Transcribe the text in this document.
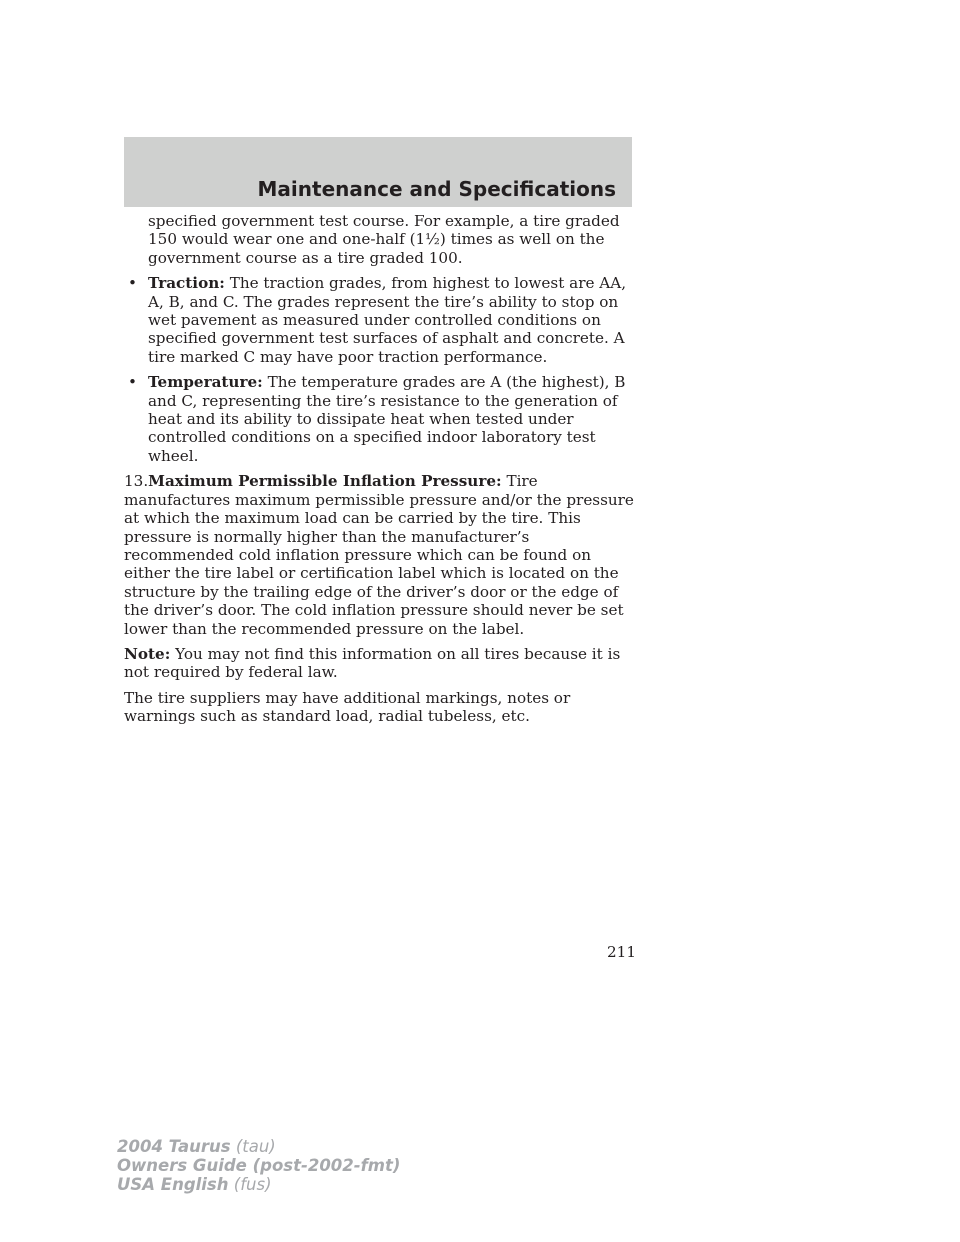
Maintenance and Specifications

specified government test course. For example, a tire graded 150 would wear one and one-half (1½) times as well on the government course as a tire graded 100.

• Traction: The traction grades, from highest to lowest are AA, A, B, and C. The grades represent the tire’s ability to stop on wet pavement as measured under controlled conditions on specified government test surfaces of asphalt and concrete. A tire marked C may have poor traction performance.

• Temperature: The temperature grades are A (the highest), B and C, representing the tire’s resistance to the generation of heat and its ability to dissipate heat when tested under controlled conditions on a specified indoor laboratory test wheel.

13.Maximum Permissible Inflation Pressure: Tire manufactures maximum permissible pressure and/or the pressure at which the maximum load can be carried by the tire. This pressure is normally higher than the manufacturer’s recommended cold inflation pressure which can be found on either the tire label or certification label which is located on the structure by the trailing edge of the driver’s door or the edge of the driver’s door. The cold inflation pressure should never be set lower than the recommended pressure on the label.

Note: You may not find this information on all tires because it is not required by federal law.

The tire suppliers may have additional markings, notes or warnings such as standard load, radial tubeless, etc.

211
2004 Taurus (tau)
Owners Guide (post-2002-fmt)
USA English (fus)
